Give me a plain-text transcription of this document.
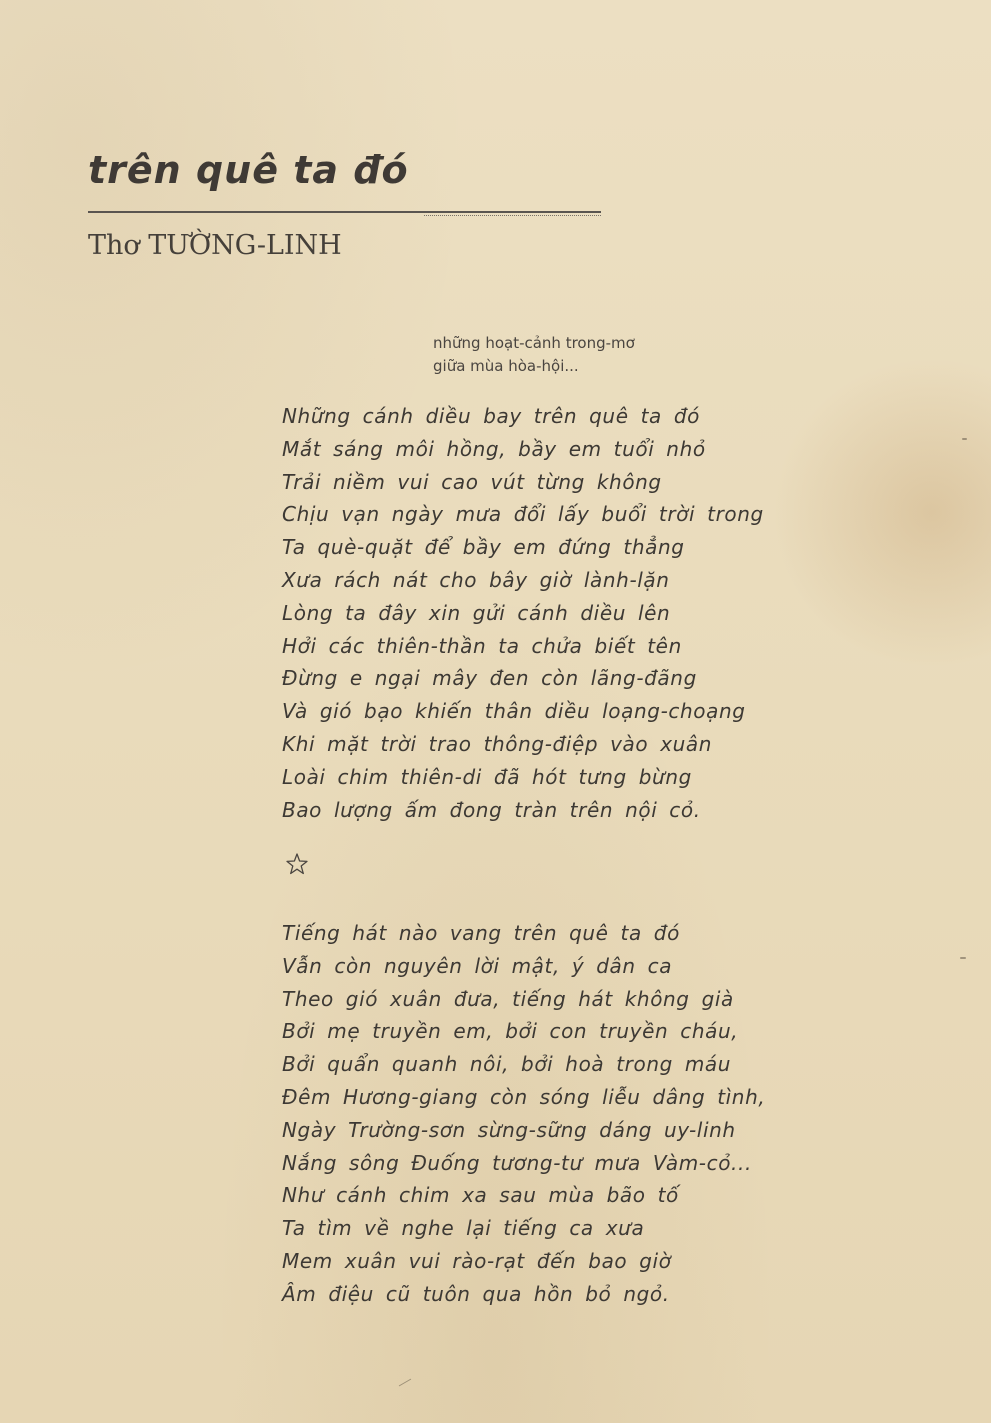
trên quê ta đó
Thơ TƯỜNG-LINH
những hoạt-cảnh trong-mơ
giữa mùa hòa-hội...
Những cánh diều bay trên quê ta đó
Mắt sáng môi hồng, bầy em tuổi nhỏ
Trải niềm vui cao vút từng không
Chịu vạn ngày mưa đổi lấy buổi trời trong
Ta què-quặt để bầy em đứng thẳng
Xưa rách nát cho bây giờ lành-lặn
Lòng ta đây xin gửi cánh diều lên
Hởi các thiên-thần ta chửa biết tên
Đừng e ngại mây đen còn lãng-đãng
Và gió bạo khiến thân diều loạng-choạng
Khi mặt trời trao thông-điệp vào xuân
Loài chim thiên-di đã hót tưng bừng
Bao lượng ấm đong tràn trên nội cỏ.
Tiếng hát nào vang trên quê ta đó
Vẫn còn nguyên lời mật, ý dân ca
Theo gió xuân đưa, tiếng hát không già
Bởi mẹ truyền em, bởi con truyền cháu,
Bởi quẩn quanh nôi, bởi hoà trong máu
Đêm Hương-giang còn sóng liễu dâng tình,
Ngày Trường-sơn sừng-sững dáng uy-linh
Nắng sông Đuống tương-tư mưa Vàm-cỏ...
Như cánh chim xa sau mùa bão tố
Ta tìm về nghe lại tiếng ca xưa
Mem xuân vui rào-rạt đến bao giờ
Âm điệu cũ tuôn qua hồn bỏ ngỏ.
